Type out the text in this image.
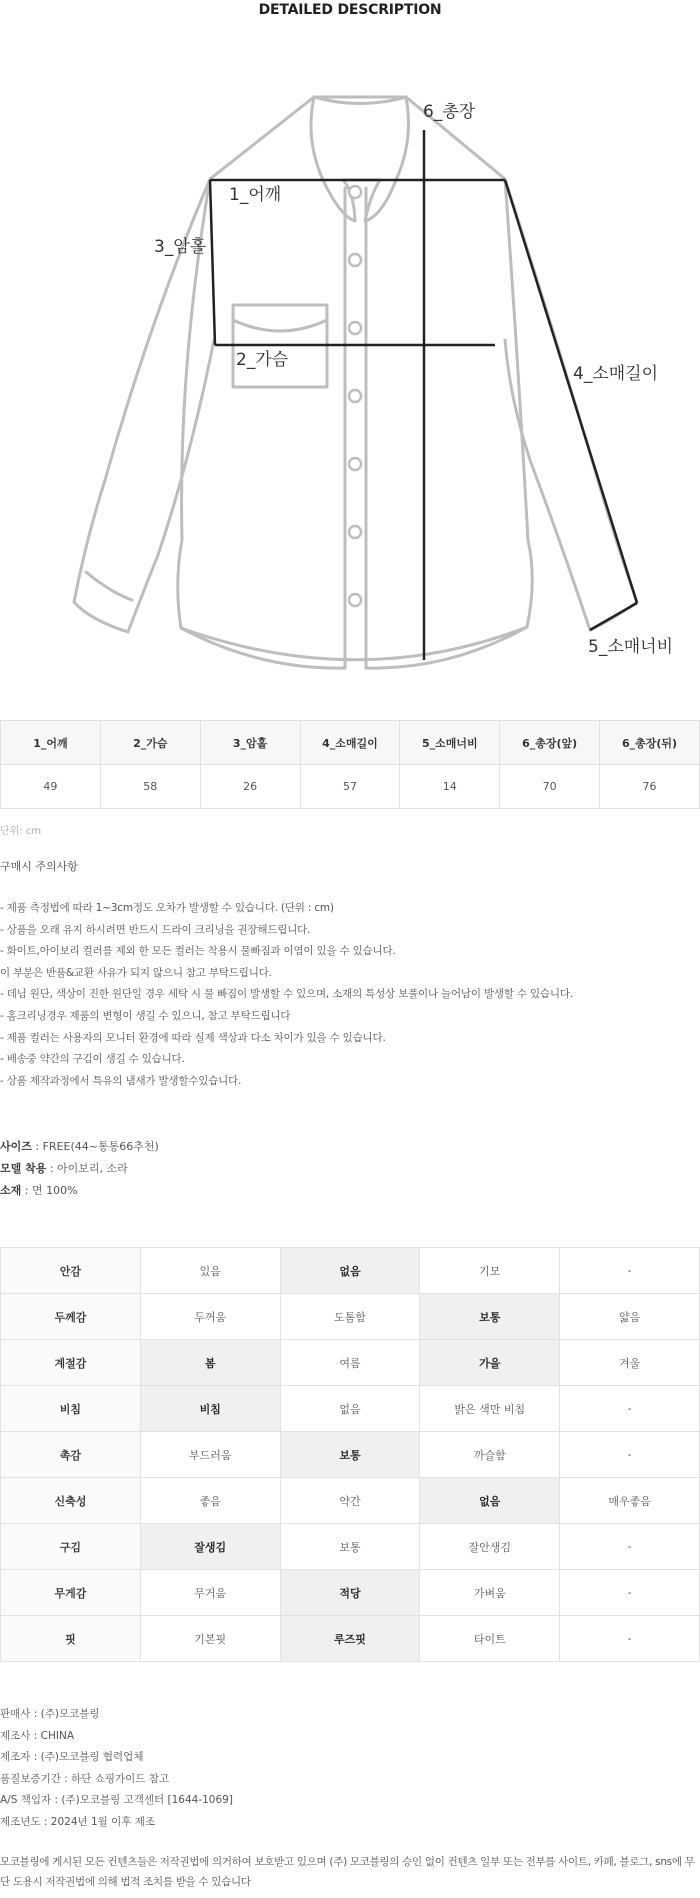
DETAILED DESCRIPTION
1_어깨
2_가슴
3_암홀
4_소매길이
5_소매너비
6_총장
1_어깨	2_가슴	3_암홀	4_소매길이	5_소매너비	6_총장(앞)	6_총장(뒤)
49	58	26	57	14	70	76
단위: cm
구매시 주의사항
- 제품 측정법에 따라 1~3cm정도 오차가 발생할 수 있습니다. (단위 : cm)
- 상품을 오래 유지 하시려면 반드시 드라이 크리닝을 권장해드립니다.
- 화이트,아이보리 컬러를 제외 한 모든 컬러는 착용시 물빠짐과 이염이 있을 수 있습니다.
이 부분은 반품&교환 사유가 되지 않으니 참고 부탁드립니다.
- 데님 원단, 색상이 진한 원단일 경우 세탁 시 물 빠짐이 발생할 수 있으며, 소재의 특성상 보풀이나 늘어남이 발생할 수 있습니다.
- 홈크리닝경우 제품의 변형이 생길 수 있으니, 참고 부탁드립니다
- 제품 컬러는 사용자의 모니터 환경에 따라 실제 색상과 다소 차이가 있을 수 있습니다.
- 배송중 약간의 구김이 생길 수 있습니다.
- 상품 제작과정에서 특유의 냄새가 발생할수있습니다.
사이즈 : FREE(44~통통66추천)
모델 착용 : 아이보리, 소라
소재 : 면 100%
안감	있음	없음	기모	-
두께감	두꺼움	도톰함	보통	얇음
계절감	봄	여름	가을	겨울
비침	비침	없음	밝은 색만 비침	-
촉감	부드러움	보통	까슬함	-
신축성	좋음	약간	없음	매우좋음
구김	잘생김	보통	잘안생김	-
무게감	무거움	적당	가벼움	-
핏	기본핏	루즈핏	타이트	-
판매사 : (주)모코블링
제조사 : CHINA
제조자 : (주)모코블링 협력업체
품질보증기간 : 하단 쇼핑가이드 참고
A/S 책임자 : (주)모코블링 고객센터 [1644-1069]
제조년도 : 2024년 1월 이후 제조
모코블링에 게시된 모든 컨텐츠들은 저작권법에 의거하여 보호받고 있으며 (주) 모코블링의 승인 없이 컨텐츠 일부 또는 전부를 사이트, 카페, 블로그, sns에 무단 도용시 저작권법에 의해 법적 조치를 받을 수 있습니다
